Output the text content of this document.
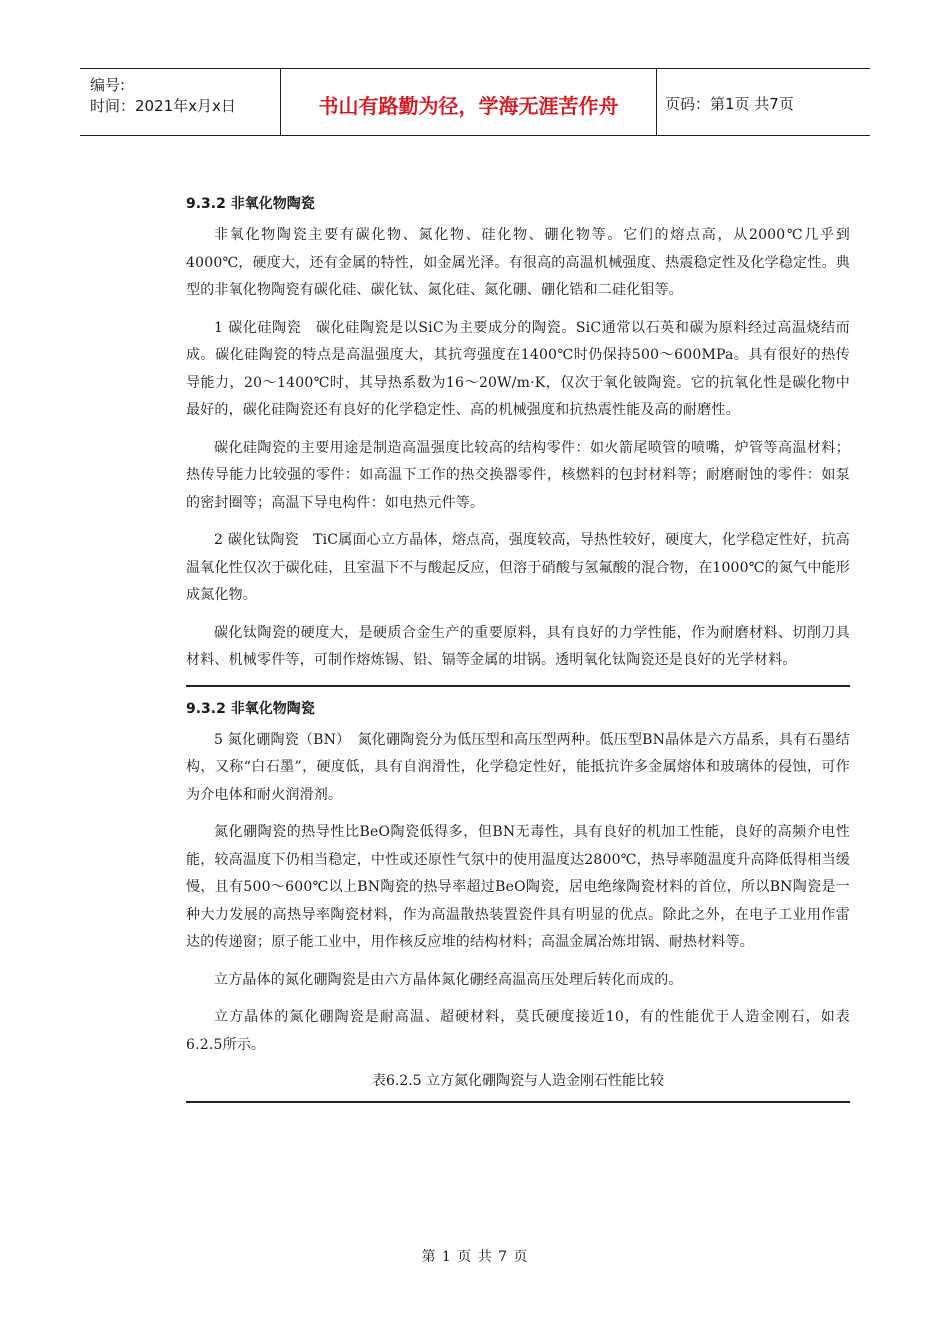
编号:
时间：2021年x月x日	书山有路勤为径，学海无涯苦作舟	页码：第1页 共7页
9.3.2 非氧化物陶瓷

非氧化物陶瓷主要有碳化物、氮化物、硅化物、硼化物等。它们的熔点高，从2000℃几乎到4000℃，硬度大，还有金属的特性，如金属光泽。有很高的高温机械强度、热震稳定性及化学稳定性。典型的非氧化物陶瓷有碳化硅、碳化钛、氮化硅、氮化硼、硼化锆和二硅化钼等。

1 碳化硅陶瓷　碳化硅陶瓷是以SiC为主要成分的陶瓷。SiC通常以石英和碳为原料经过高温烧结而成。碳化硅陶瓷的特点是高温强度大，其抗弯强度在1400℃时仍保持500～600MPa。具有很好的热传导能力，20～1400℃时，其导热系数为16～20W/m·K，仅次于氧化铍陶瓷。它的抗氧化性是碳化物中最好的，碳化硅陶瓷还有良好的化学稳定性、高的机械强度和抗热震性能及高的耐磨性。

碳化硅陶瓷的主要用途是制造高温强度比较高的结构零件：如火箭尾喷管的喷嘴，炉管等高温材料；热传导能力比较强的零件：如高温下工作的热交换器零件，核燃料的包封材料等；耐磨耐蚀的零件：如泵的密封圈等；高温下导电构件：如电热元件等。

2 碳化钛陶瓷　TiC属面心立方晶体，熔点高，强度较高，导热性较好，硬度大，化学稳定性好，抗高温氧化性仅次于碳化硅，且室温下不与酸起反应，但溶于硝酸与氢氟酸的混合物，在1000℃的氮气中能形成氮化物。

碳化钛陶瓷的硬度大，是硬质合金生产的重要原料，具有良好的力学性能，作为耐磨材料、切削刀具材料、机械零件等，可制作熔炼锡、铅、镉等金属的坩锅。透明氧化钛陶瓷还是良好的光学材料。

9.3.2 非氧化物陶瓷

5 氮化硼陶瓷（BN）　氮化硼陶瓷分为低压型和高压型两种。低压型BN晶体是六方晶系，具有石墨结构，又称“白石墨”，硬度低，具有自润滑性，化学稳定性好，能抵抗许多金属熔体和玻璃体的侵蚀，可作为介电体和耐火润滑剂。

氮化硼陶瓷的热导性比BeO陶瓷低得多，但BN无毒性，具有良好的机加工性能，良好的高频介电性能，较高温度下仍相当稳定，中性或还原性气氛中的使用温度达2800℃，热导率随温度升高降低得相当缓慢，且有500～600℃以上BN陶瓷的热导率超过BeO陶瓷，居电绝缘陶瓷材料的首位，所以BN陶瓷是一种大力发展的高热导率陶瓷材料，作为高温散热装置瓷件具有明显的优点。除此之外，在电子工业用作雷达的传递窗；原子能工业中，用作核反应堆的结构材料；高温金属冶炼坩锅、耐热材料等。

立方晶体的氮化硼陶瓷是由六方晶体氮化硼经高温高压处理后转化而成的。

立方晶体的氮化硼陶瓷是耐高温、超硬材料，莫氏硬度接近10，有的性能优于人造金刚石，如表6.2.5所示。

表6.2.5 立方氮化硼陶瓷与人造金刚石性能比较
第 1 页 共 7 页
